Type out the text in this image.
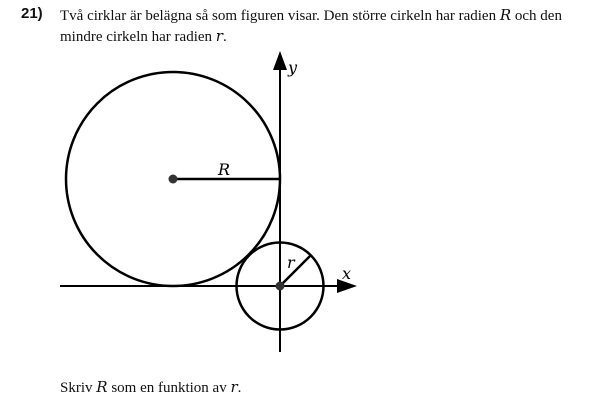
21) Två cirklar är belägna så som figuren visar. Den större cirkeln har radien R och den
mindre cirkeln har radien r.
R
r
y
x
Skriv R som en funktion av r.
